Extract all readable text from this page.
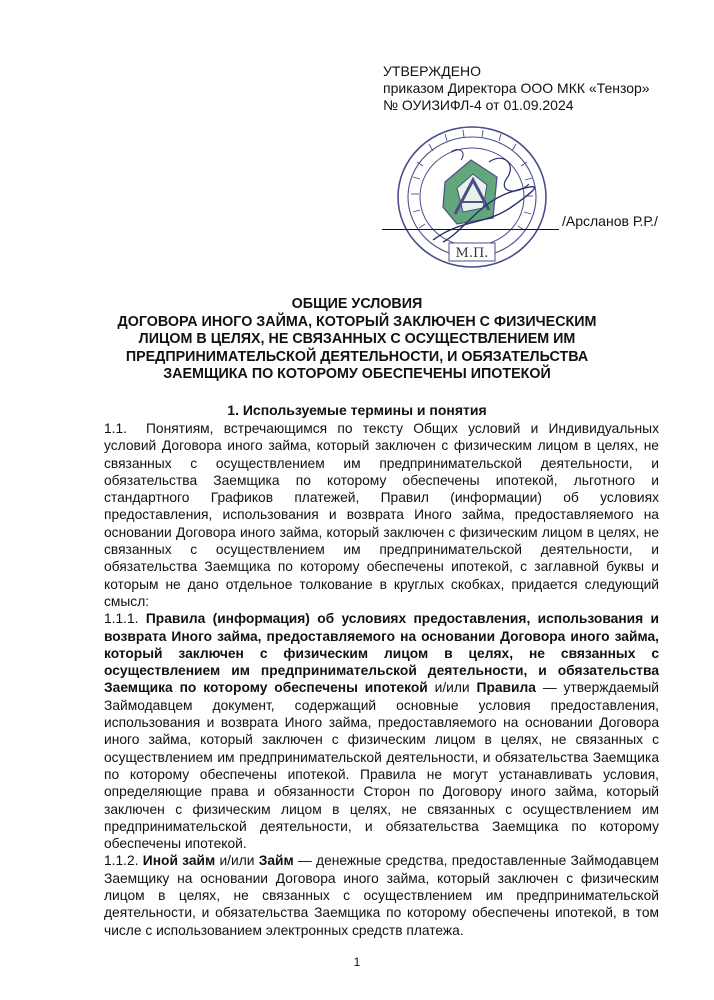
УТВЕРЖДЕНО
приказом Директора ООО МКК «Тензор»
№ ОУИЗИФЛ-4 от 01.09.2024
М.П.
/Арсланов Р.Р./
ОБЩИЕ УСЛОВИЯ
ДОГОВОРА ИНОГО ЗАЙМА, КОТОРЫЙ ЗАКЛЮЧЕН С ФИЗИЧЕСКИМ
ЛИЦОМ В ЦЕЛЯХ, НЕ СВЯЗАННЫХ С ОСУЩЕСТВЛЕНИЕМ ИМ
ПРЕДПРИНИМАТЕЛЬСКОЙ ДЕЯТЕЛЬНОСТИ, И ОБЯЗАТЕЛЬСТВА
ЗАЕМЩИКА ПО КОТОРОМУ ОБЕСПЕЧЕНЫ ИПОТЕКОЙ
1. Используемые термины и понятия

1.1. Понятиям, встречающимся по тексту Общих условий и Индивидуальных условий Договора иного займа, который заключен с физическим лицом в целях, не связанных с осуществлением им предпринимательской деятельности, и обязательства Заемщика по которому обеспечены ипотекой, льготного и стандартного Графиков платежей, Правил (информации) об условиях предоставления, использования и возврата Иного займа, предоставляемого на основании Договора иного займа, который заключен с физическим лицом в целях, не связанных с осуществлением им предпринимательской деятельности, и обязательства Заемщика по которому обеспечены ипотекой, с заглавной буквы и которым не дано отдельное толкование в круглых скобках, придается следующий смысл:

1.1.1. Правила (информация) об условиях предоставления, использования и возврата Иного займа, предоставляемого на основании Договора иного займа, который заключен с физическим лицом в целях, не связанных с осуществлением им предпринимательской деятельности, и обязательства Заемщика по которому обеспечены ипотекой и/или Правила — утверждаемый Займодавцем документ, содержащий основные условия предоставления, использования и возврата Иного займа, предоставляемого на основании Договора иного займа, который заключен с физическим лицом в целях, не связанных с осуществлением им предпринимательской деятельности, и обязательства Заемщика по которому обеспечены ипотекой. Правила не могут устанавливать условия, определяющие права и обязанности Сторон по Договору иного займа, который заключен с физическим лицом в целях, не связанных с осуществлением им предпринимательской деятельности, и обязательства Заемщика по которому обеспечены ипотекой.

1.1.2. Иной займ и/или Займ — денежные средства, предоставленные Займодавцем Заемщику на основании Договора иного займа, который заключен с физическим лицом в целях, не связанных с осуществлением им предпринимательской деятельности, и обязательства Заемщика по которому обеспечены ипотекой, в том числе с использованием электронных средств платежа.

1
